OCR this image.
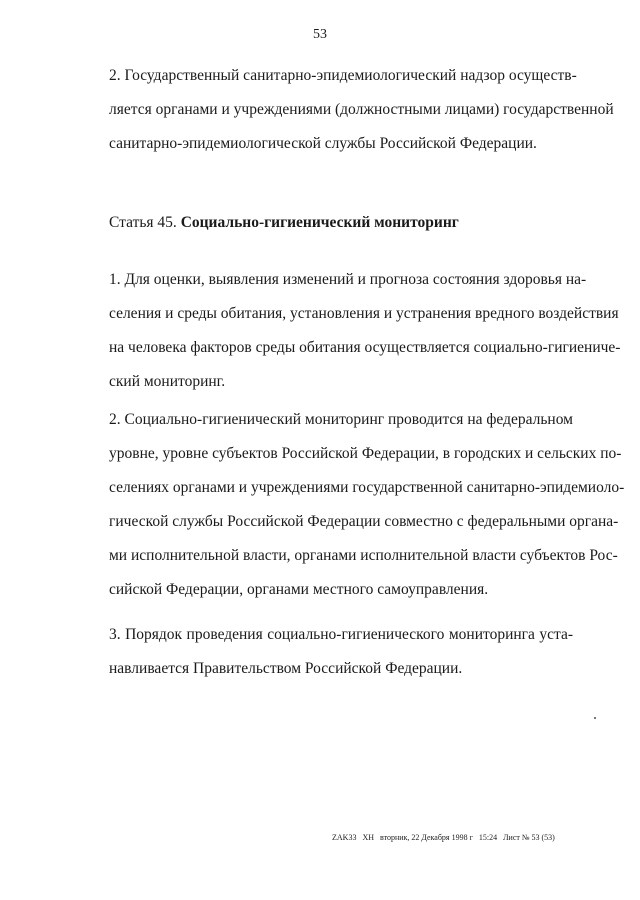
53

2. Государственный санитарно-эпидемиологический надзор осуществ-
ляется органами и учреждениями (должностными лицами) государственной
санитарно-эпидемиологической службы Российской Федерации.

Статья 45. Социально-гигиенический мониторинг

1. Для оценки, выявления изменений и прогноза состояния здоровья на-
селения и среды обитания, установления и устранения вредного воздействия
на человека факторов среды обитания осуществляется социально-гигиениче-
ский мониторинг.

2. Социально-гигиенический мониторинг проводится на федеральном
уровне, уровне субъектов Российской Федерации, в городских и сельских по-
селениях органами и учреждениями государственной санитарно-эпидемиоло-
гической службы Российской Федерации совместно с федеральными органа-
ми исполнительной власти, органами исполнительной власти субъектов Рос-
сийской Федерации, органами местного самоуправления.

3. Порядок проведения социально-гигиенического мониторинга уста-
навливается Правительством Российской Федерации.

ZAK33 XH вторник, 22 Декабря 1998 г 15:24 Лист № 53 (53)
